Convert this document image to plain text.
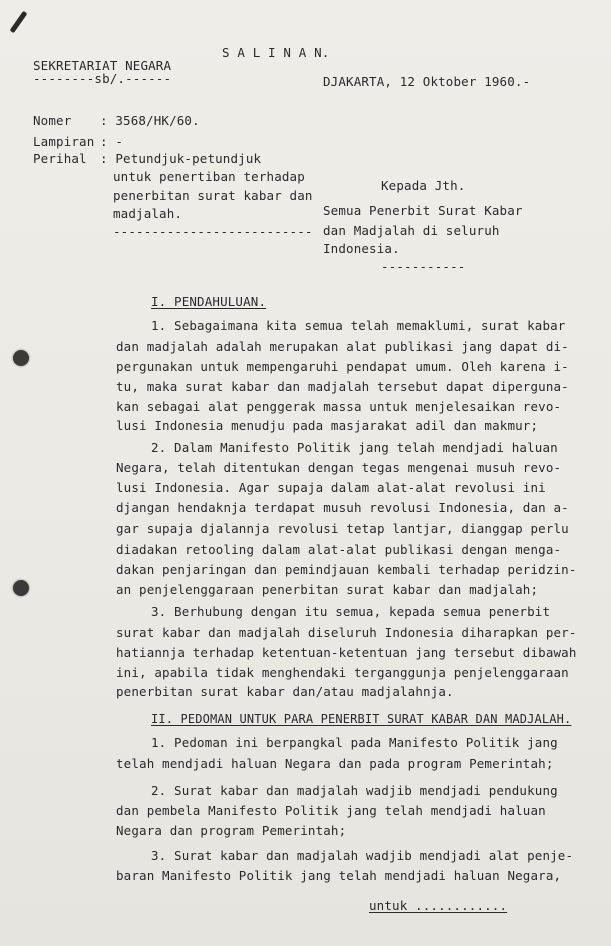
S A L I N A N.
SEKRETARIAT NEGARA
--------sb/.------	DJAKARTA, 12 Oktober 1960.-
Nomer : 3568/HK/60.
Lampiran : -
Perihal : Petundjuk-petundjuk
untuk penertiban terhadap
penerbitan surat kabar dan
madjalah.
--------------------------
Kepada Jth.
Semua Penerbit Surat Kabar
dan Madjalah di seluruh
Indonesia.
-----------
I. PENDAHULUAN.
1. Sebagaimana kita semua telah memaklumi, surat kabar
dan madjalah adalah merupakan alat publikasi jang dapat di-
pergunakan untuk mempengaruhi pendapat umum. Oleh karena i-
tu, maka surat kabar dan madjalah tersebut dapat dipergunа-
kan sebagai alat penggerak massa untuk menjelesaikan revo-
lusi Indonesia menudju pada masjarakat adil dan makmur;
2. Dalam Manifesto Politik jang telah mendjadi haluan
Negara, telah ditentukan dengan tegas mengenai musuh revo-
lusi Indonesia. Agar supaja dalam alat-alat revolusi ini
djangan hendaknja terdapat musuh revolusi Indonesia, dan a-
gar supaja djalannja revolusi tetap lantjar, dianggap perlu
diadakan retooling dalam alat-alat publikasi dengan menga-
dakan penjaringan dan pemindjauan kembali terhadap peridzin-
an penjelenggaraan penerbitan surat kabar dan madjalah;
3. Berhubung dengan itu semua, kepada semua penerbit
surat kabar dan madjalah diseluruh Indonesia diharapkan per-
hatiannja terhadap ketentuan-ketentuan jang tersebut dibawah
ini, apabila tidak menghendaki terganggunja penjelenggaraan
penerbitan surat kabar dan/atau madjalahnja.
II. PEDOMAN UNTUK PARA PENERBIT SURAT KABAR DAN MADJALAH.
1. Pedoman ini berpangkal pada Manifesto Politik jang
telah mendjadi haluan Negara dan pada program Pemerintah;
2. Surat kabar dan madjalah wadjib mendjadi pendukung
dan pembela Manifesto Politik jang telah mendjadi haluan
Negara dan program Pemerintah;
3. Surat kabar dan madjalah wadjib mendjadi alat penje-
baran Manifesto Politik jang telah mendjadi haluan Negara,
untuk ............
